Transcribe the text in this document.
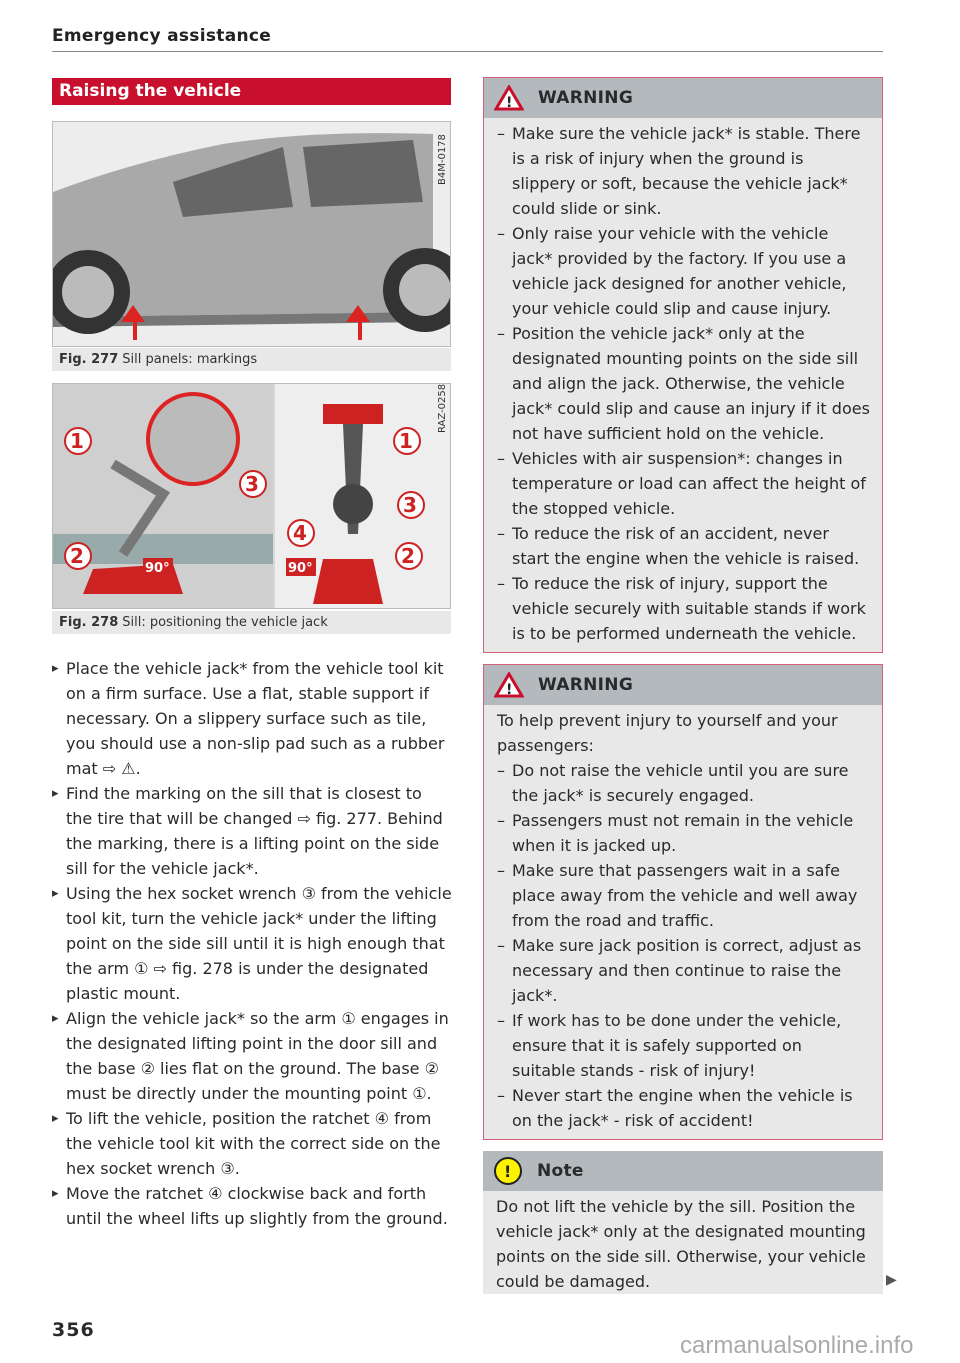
Emergency assistance
Raising the vehicle
B4M-0178
Fig. 277 Sill panels: markings
1
2
3
1
3
4
2
90°	90°
RAZ-0258
Fig. 278 Sill: positioning the vehicle jack
▸ Place the vehicle jack* from the vehicle tool kit on a firm surface. Use a flat, stable support if necessary. On a slippery surface such as tile, you should use a non-slip pad such as a rubber mat ⇨ ⚠.
▸ Find the marking on the sill that is closest to the tire that will be changed ⇨ fig. 277. Behind the marking, there is a lifting point on the side sill for the vehicle jack*.
▸ Using the hex socket wrench ③ from the vehicle tool kit, turn the vehicle jack* under the lifting point on the side sill until it is high enough that the arm ① ⇨ fig. 278 is under the designated plastic mount.
▸ Align the vehicle jack* so the arm ① engages in the designated lifting point in the door sill and the base ② lies flat on the ground. The base ② must be directly under the mounting point ①.
▸ To lift the vehicle, position the ratchet ④ from the vehicle tool kit with the correct side on the hex socket wrench ③.
▸ Move the ratchet ④ clockwise back and forth until the wheel lifts up slightly from the ground.
! WARNING
– Make sure the vehicle jack* is stable. There is a risk of injury when the ground is slippery or soft, because the vehicle jack* could slide or sink.
– Only raise your vehicle with the vehicle jack* provided by the factory. If you use a vehicle jack designed for another vehicle, your vehicle could slip and cause injury.
– Position the vehicle jack* only at the designated mounting points on the side sill and align the jack. Otherwise, the vehicle jack* could slip and cause an injury if it does not have sufficient hold on the vehicle.
– Vehicles with air suspension*: changes in temperature or load can affect the height of the stopped vehicle.
– To reduce the risk of an accident, never start the engine when the vehicle is raised.
– To reduce the risk of injury, support the vehicle securely with suitable stands if work is to be performed underneath the vehicle.
! WARNING
To help prevent injury to yourself and your passengers:
– Do not raise the vehicle until you are sure the jack* is securely engaged.
– Passengers must not remain in the vehicle when it is jacked up.
– Make sure that passengers wait in a safe place away from the vehicle and well away from the road and traffic.
– Make sure jack position is correct, adjust as necessary and then continue to raise the jack*.
– If work has to be done under the vehicle, ensure that it is safely supported on suitable stands - risk of injury!
– Never start the engine when the vehicle is on the jack* - risk of accident!
! Note
Do not lift the vehicle by the sill. Position the vehicle jack* only at the designated mounting points on the side sill. Otherwise, your vehicle could be damaged.	▶
356
carmanualsonline.info
